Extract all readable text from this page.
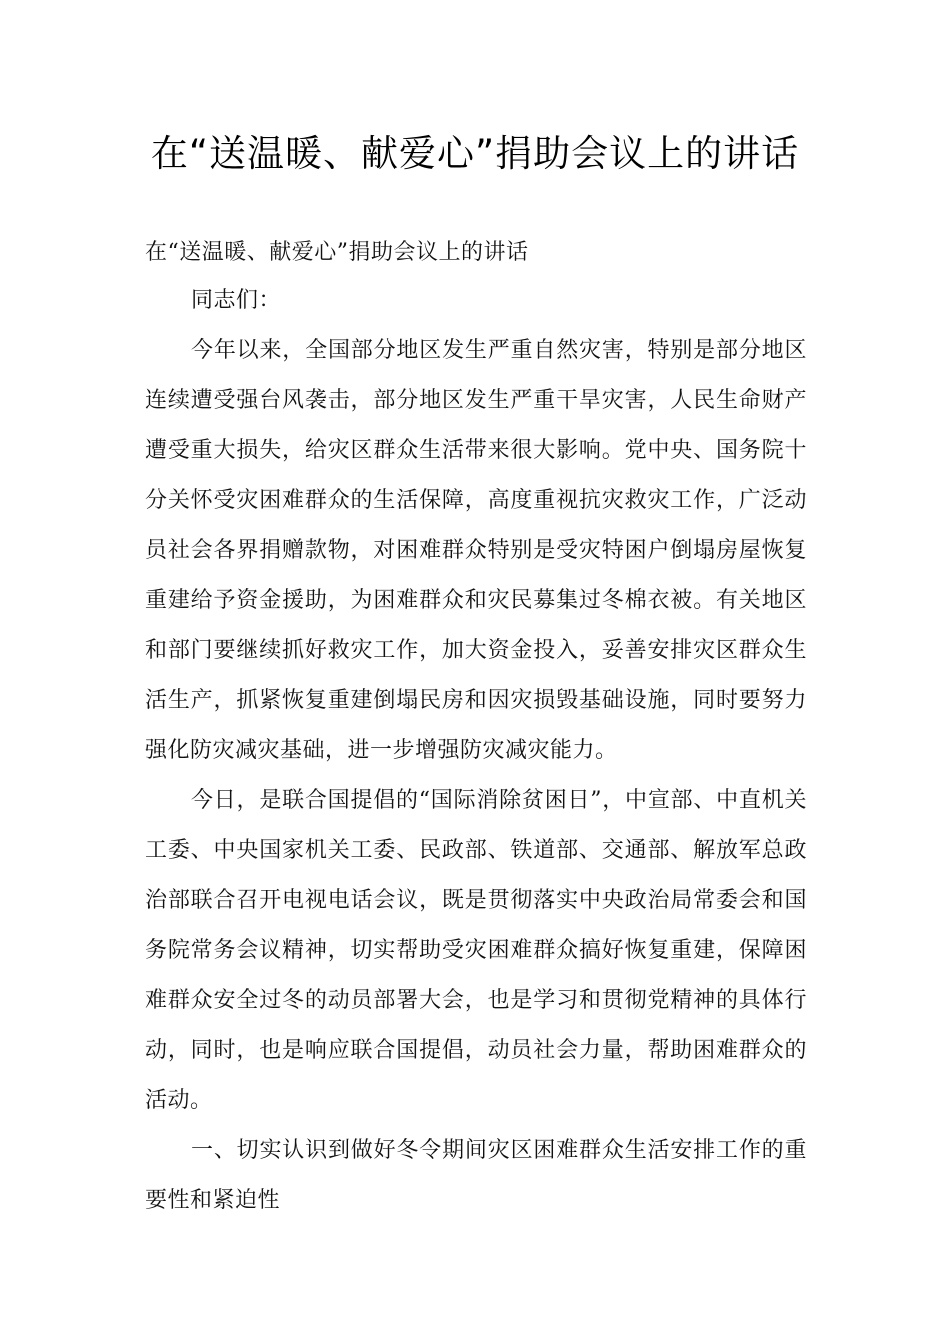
在“送温暖、献爱心”捐助会议上的讲话
在“送温暖、献爱心”捐助会议上的讲话
同志们：

今年以来，全国部分地区发生严重自然灾害，特别是部分地区连续遭受强台风袭击，部分地区发生严重干旱灾害，人民生命财产遭受重大损失，给灾区群众生活带来很大影响。党中央、国务院十分关怀受灾困难群众的生活保障，高度重视抗灾救灾工作，广泛动员社会各界捐赠款物，对困难群众特别是受灾特困户倒塌房屋恢复重建给予资金援助，为困难群众和灾民募集过冬棉衣被。有关地区和部门要继续抓好救灾工作，加大资金投入，妥善安排灾区群众生活生产，抓紧恢复重建倒塌民房和因灾损毁基础设施，同时要努力强化防灾减灾基础，进一步增强防灾减灾能力。

今日，是联合国提倡的“国际消除贫困日”，中宣部、中直机关工委、中央国家机关工委、民政部、铁道部、交通部、解放军总政治部联合召开电视电话会议，既是贯彻落实中央政治局常委会和国务院常务会议精神，切实帮助受灾困难群众搞好恢复重建，保障困难群众安全过冬的动员部署大会，也是学习和贯彻党精神的具体行动，同时，也是响应联合国提倡，动员社会力量，帮助困难群众的活动。

一、切实认识到做好冬令期间灾区困难群众生活安排工作的重要性和紧迫性
